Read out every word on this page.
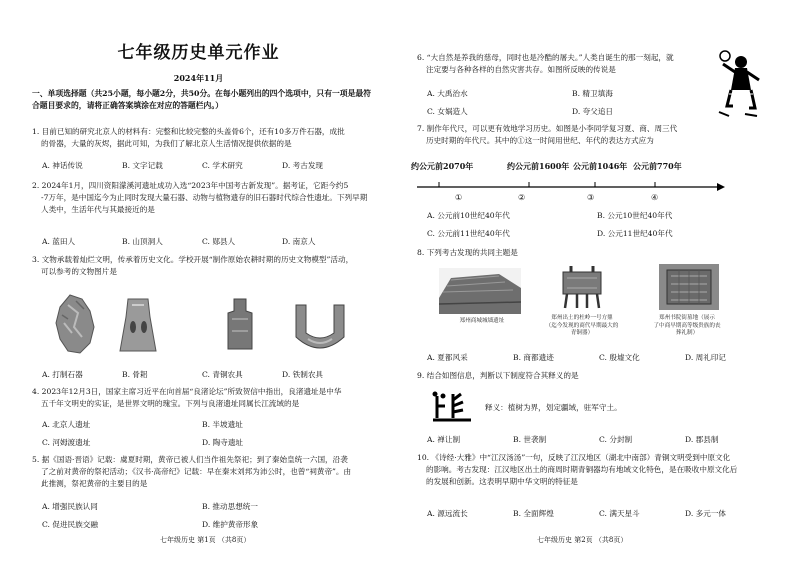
七年级历史单元作业
2024年11月
一、单项选择题（共25小题，每小题2分，共50分。在每小题列出的四个选项中，只有一项是最符合题目要求的，请将正确答案填涂在对应的答题栏内。）
1. 目前已知的研究北京人的材料有：完整和比较完整的头盖骨6个，还有10多万件石器，成批
的骨器，大量的灰烬，据此可知，为我们了解北京人生活情况提供依据的是
A. 神话传说	B. 文字记载	C. 学术研究	D. 考古发现
2. 2024年1月，四川资阳濛溪河遗址成功入选“2023年中国考古新发现”。据考证，它距今约5
-7万年，是中国迄今为止同时发现大量石器、动物与植物遗存的旧石器时代综合性遗址。下列早期
人类中，生活年代与其最接近的是
A. 蓝田人	B. 山顶洞人	C. 郧县人	D. 南京人
3. 文物承载着灿烂文明，传承着历史文化。学校开展“制作原始农耕时期的历史文物模型”活动，
可以参考的文物图片是
A. 打制石器	B. 骨耜	C. 青铜农具	D. 铁制农具
4. 2023年12月3日，国家主席习近平在向首届“良渚论坛”所致贺信中指出，良渚遗址是中华
五千年文明史的实证，是世界文明的瑰宝。下列与良渚遗址同属长江流域的是
A. 北京人遗址	B. 半坡遗址
C. 河姆渡遗址	D. 陶寺遗址
5. 据《国语·晋语》记载：虞夏时期，黄帝已被人们当作祖先祭祀；到了秦始皇统一六国，沿袭
了之前对黄帝的祭祀活动；《汉书·高帝纪》记载：早在秦末刘邦为沛公时，也曾“祠黄帝”。由
此推测，祭祀黄帝的主要目的是
A. 增强民族认同	B. 推动思想统一
C. 促进民族交融	D. 维护黄帝形象
七年级历史 第1页 （共8页）
6. “大自然是养我的慈母，同时也是冷酷的屠夫。”人类自诞生的那一刻起，就
注定要与各种各样的自然灾害共存。如图所反映的传说是
A. 大禹治水	B. 精卫填海
C. 女娲造人	D. 夸父追日
7. 制作年代尺，可以更有效地学习历史。如图是小李同学复习夏、商、周三代
历史时期的年代尺。其中的①这一时间用世纪、年代的表达方式应为
约公元前2070年	约公元前1600年 公元前1046年 公元前770年
①	②	③	④
A. 公元前10世纪40年代	B. 公元10世纪40年代
C. 公元前11世纪40年代	D. 公元11世纪40年代
8. 下列考古发现的共同主题是
郑州商城城墙遗址	郑州出土的杜岭一号方鼎
（迄今发现的商代早期最大的
青铜器）
郑州书院街墓地（展示
了中商早期高等级贵族的丧
葬礼制）
A. 夏都风采	B. 商都遗迹	C. 殷墟文化	D. 周礼印记
9. 结合如图信息，判断以下制度符合其释义的是
释义：植树为界，划定疆域，驻军守土。
A. 禅让制	B. 世袭制	C. 分封制	D. 郡县制
10. 《诗经·大雅》中“江汉汤汤”一句，反映了江汉地区（湖北中南部）青铜文明受到中原文化
的影响。考古发现：江汉地区出土的商周时期青铜器均有地域文化特色，是在吸收中原文化后
的发展和创新。这表明早期中华文明的特征是
A. 源远流长	B. 全面辉煌	C. 满天星斗	D. 多元一体
七年级历史 第2页 （共8页）
